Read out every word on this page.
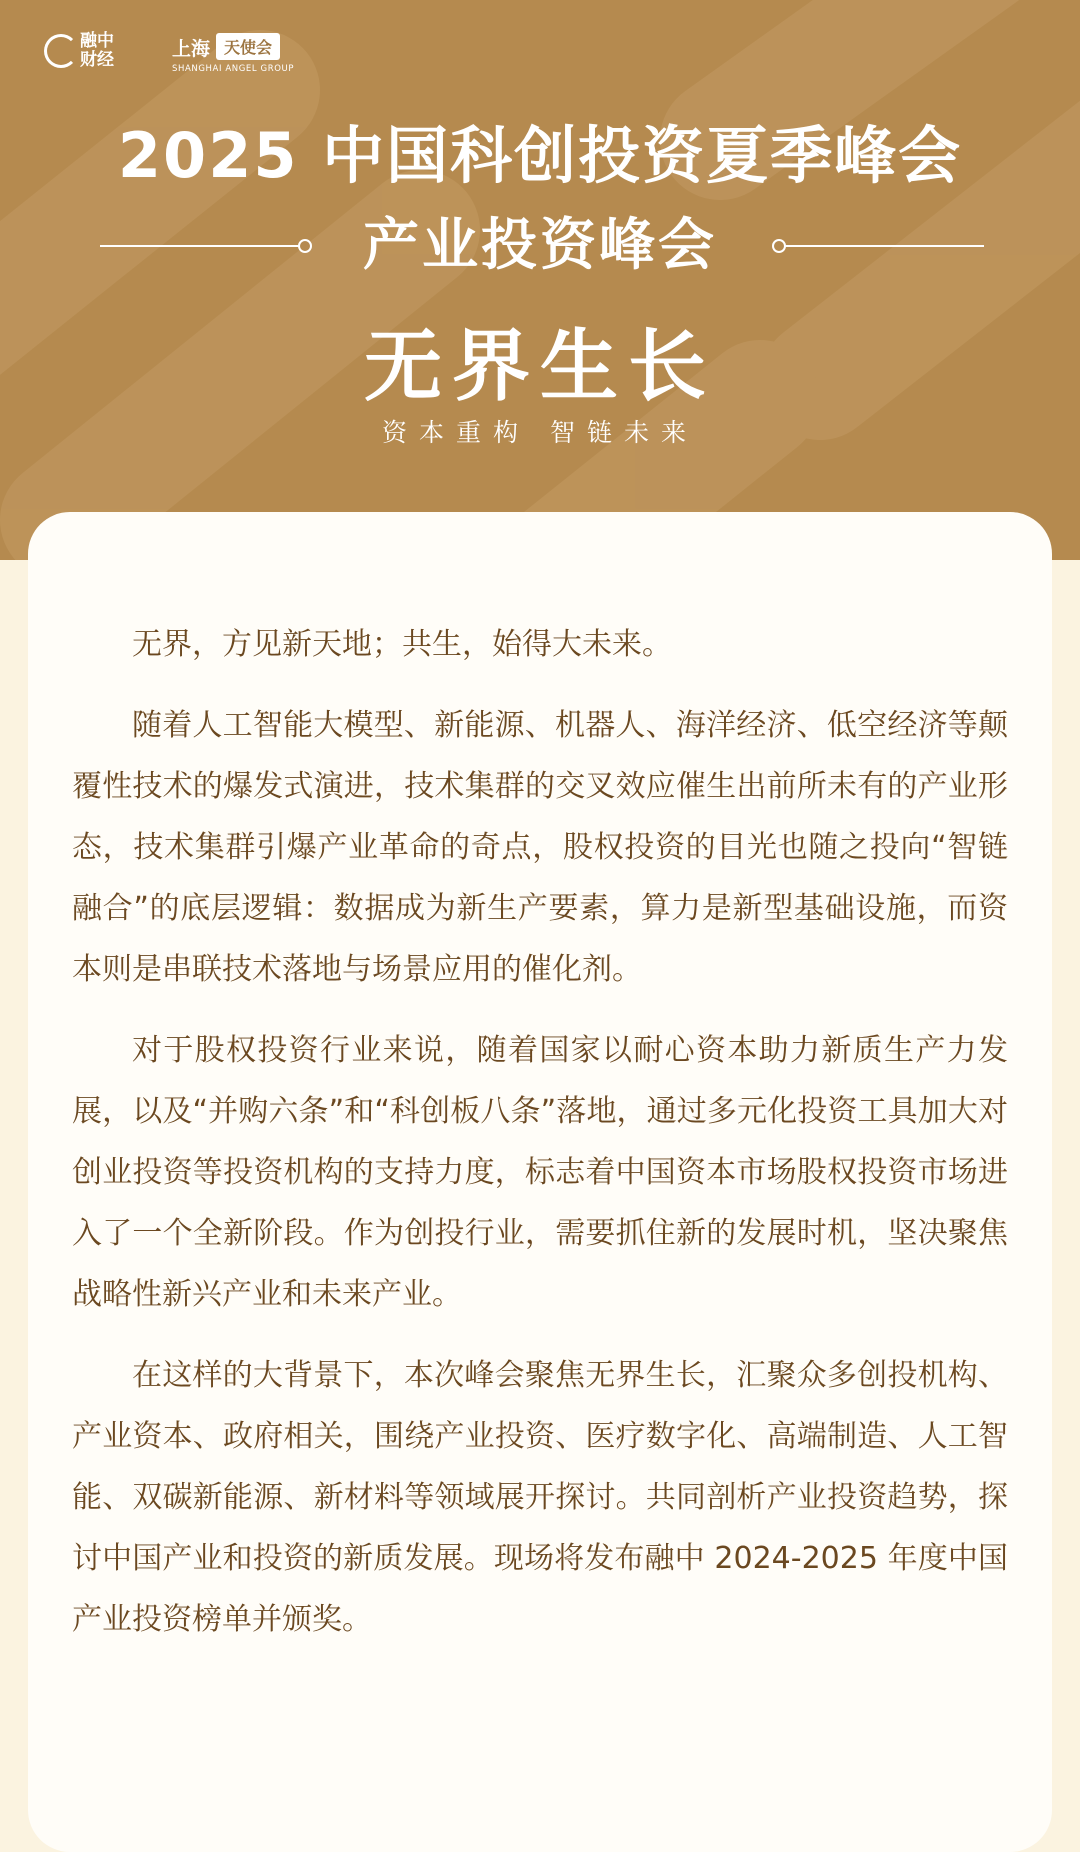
融中财经	上海 天使会
SHANGHAI ANGEL GROUP
2025 中国科创投资夏季峰会
产业投资峰会
无界生长
资本重构 智链未来

无界，方见新天地；共生，始得大未来。

随着人工智能大模型、新能源、机器人、海洋经济、低空经济等颠覆性技术的爆发式演进，技术集群的交叉效应催生出前所未有的产业形态，技术集群引爆产业革命的奇点，股权投资的目光也随之投向“智链融合”的底层逻辑：数据成为新生产要素，算力是新型基础设施，而资本则是串联技术落地与场景应用的催化剂。

对于股权投资行业来说，随着国家以耐心资本助力新质生产力发展，以及“并购六条”和“科创板八条”落地，通过多元化投资工具加大对创业投资等投资机构的支持力度，标志着中国资本市场股权投资市场进入了一个全新阶段。作为创投行业，需要抓住新的发展时机，坚决聚焦战略性新兴产业和未来产业。

在这样的大背景下，本次峰会聚焦无界生长，汇聚众多创投机构、产业资本、政府相关，围绕产业投资、医疗数字化、高端制造、人工智能、双碳新能源、新材料等领域展开探讨。共同剖析产业投资趋势，探讨中国产业和投资的新质发展。现场将发布融中 2024-2025 年度中国产业投资榜单并颁奖。
